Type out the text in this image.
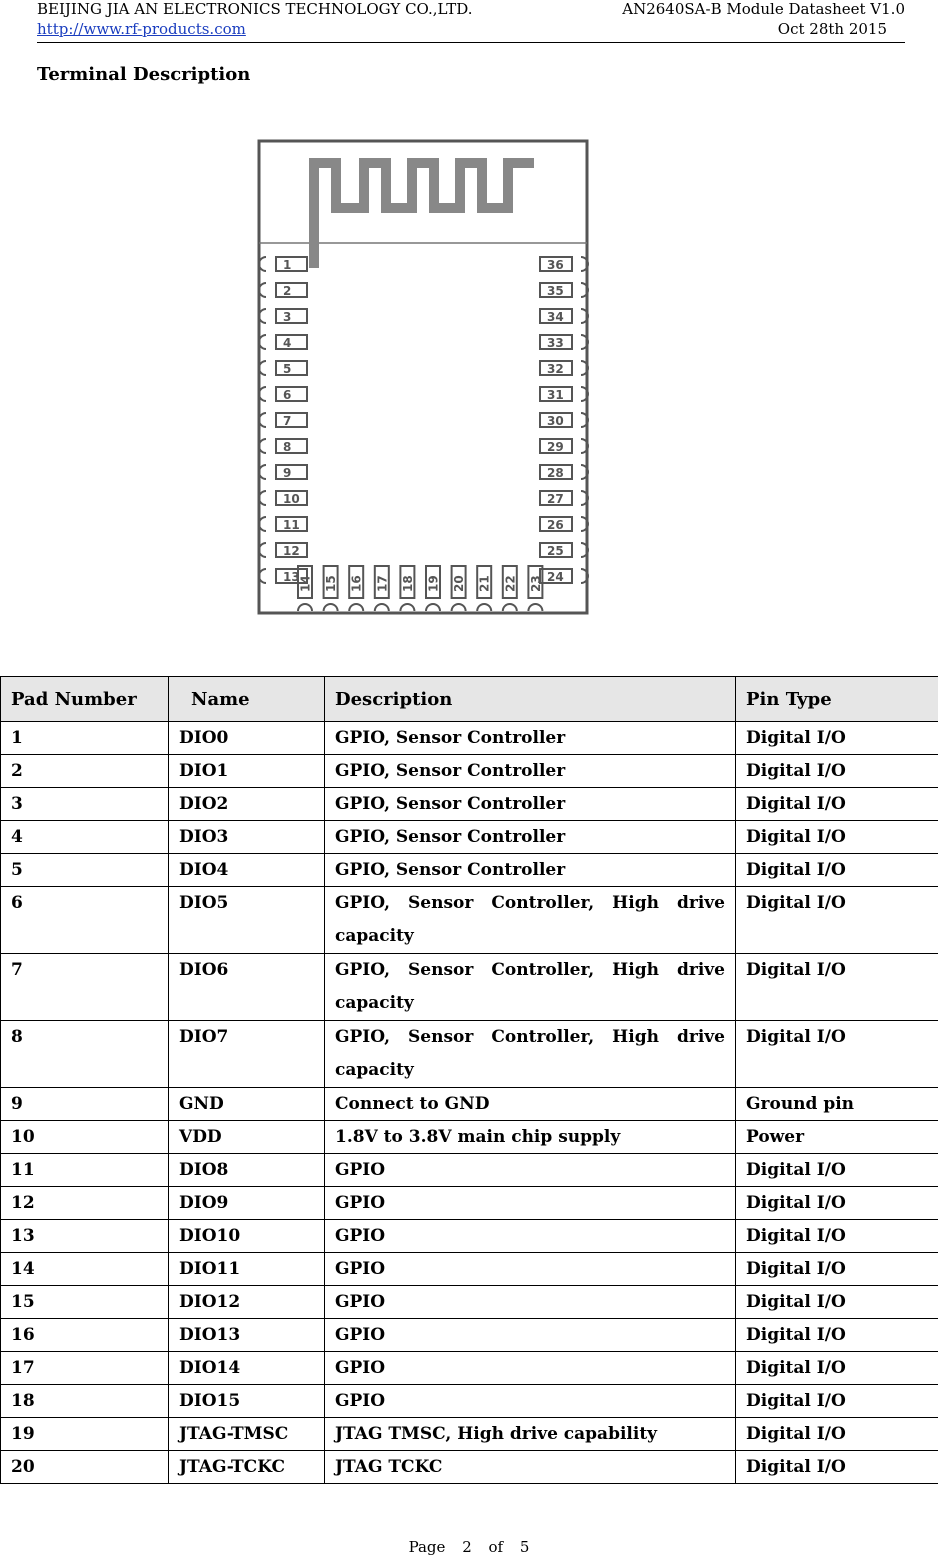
BEIJING JIA AN ELECTRONICS TECHNOLOGY CO.,LTD.	AN2640SA-B Module Datasheet V1.0
http://www.rf-products.com	Oct 28th 2015
Terminal Description
1
2
3
4
5
6
7
8
9
10
11
12
13
36
35
34
33
32
31
30
29
28
27
26
25
24
14 15 16 17 18 19 20 21 22 23
Pad Number	Name	Description	Pin Type
1	DIO0	GPIO, Sensor Controller	Digital I/O
2	DIO1	GPIO, Sensor Controller	Digital I/O
3	DIO2	GPIO, Sensor Controller	Digital I/O
4	DIO3	GPIO, Sensor Controller	Digital I/O
5	DIO4	GPIO, Sensor Controller	Digital I/O
6	DIO5	GPIO, Sensor Controller, High drive capacity	Digital I/O
7	DIO6	GPIO, Sensor Controller, High drive capacity	Digital I/O
8	DIO7	GPIO, Sensor Controller, High drive capacity	Digital I/O
9	GND	Connect to GND	Ground pin
10	VDD	1.8V to 3.8V main chip supply	Power
11	DIO8	GPIO	Digital I/O
12	DIO9	GPIO	Digital I/O
13	DIO10	GPIO	Digital I/O
14	DIO11	GPIO	Digital I/O
15	DIO12	GPIO	Digital I/O
16	DIO13	GPIO	Digital I/O
17	DIO14	GPIO	Digital I/O
18	DIO15	GPIO	Digital I/O
19	JTAG-TMSC	JTAG TMSC, High drive capability	Digital I/O
20	JTAG-TCKC	JTAG TCKC	Digital I/O
Page 2 of 5
